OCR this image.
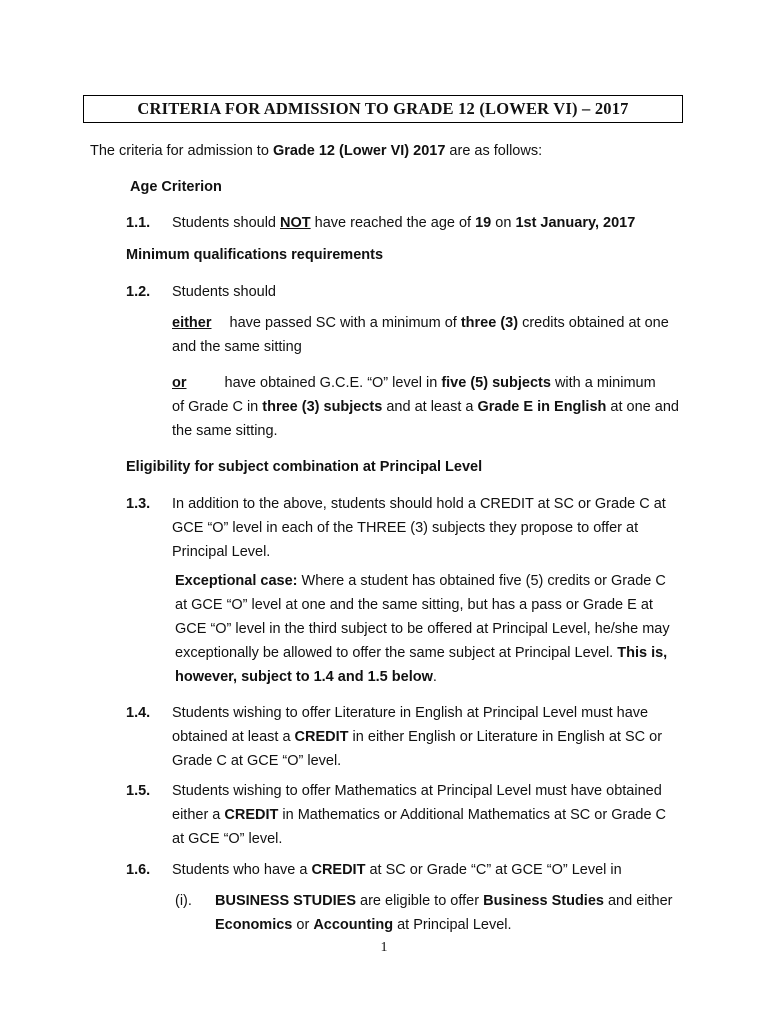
CRITERIA FOR ADMISSION TO GRADE 12 (LOWER VI) – 2017
The criteria for admission to Grade 12 (Lower VI) 2017 are as follows:
Age Criterion
1.1. Students should NOT have reached the age of 19 on 1st January, 2017
Minimum qualifications requirements
1.2. Students should
either have passed SC with a minimum of three (3) credits obtained at one
and the same sitting
or have obtained G.C.E. “O” level in five (5) subjects with a minimum
of Grade C in three (3) subjects and at least a Grade E in English at one and
the same sitting.
Eligibility for subject combination at Principal Level
1.3. In addition to the above, students should hold a CREDIT at SC or Grade C at
GCE “O” level in each of the THREE (3) subjects they propose to offer at
Principal Level.
Exceptional case: Where a student has obtained five (5) credits or Grade C
at GCE “O” level at one and the same sitting, but has a pass or Grade E at
GCE “O” level in the third subject to be offered at Principal Level, he/she may
exceptionally be allowed to offer the same subject at Principal Level. This is,
however, subject to 1.4 and 1.5 below.
1.4. Students wishing to offer Literature in English at Principal Level must have
obtained at least a CREDIT in either English or Literature in English at SC or
Grade C at GCE “O” level.
1.5. Students wishing to offer Mathematics at Principal Level must have obtained
either a CREDIT in Mathematics or Additional Mathematics at SC or Grade C
at GCE “O” level.
1.6. Students who have a CREDIT at SC or Grade “C” at GCE “O” Level in
(i). BUSINESS STUDIES are eligible to offer Business Studies and either
Economics or Accounting at Principal Level.
1
